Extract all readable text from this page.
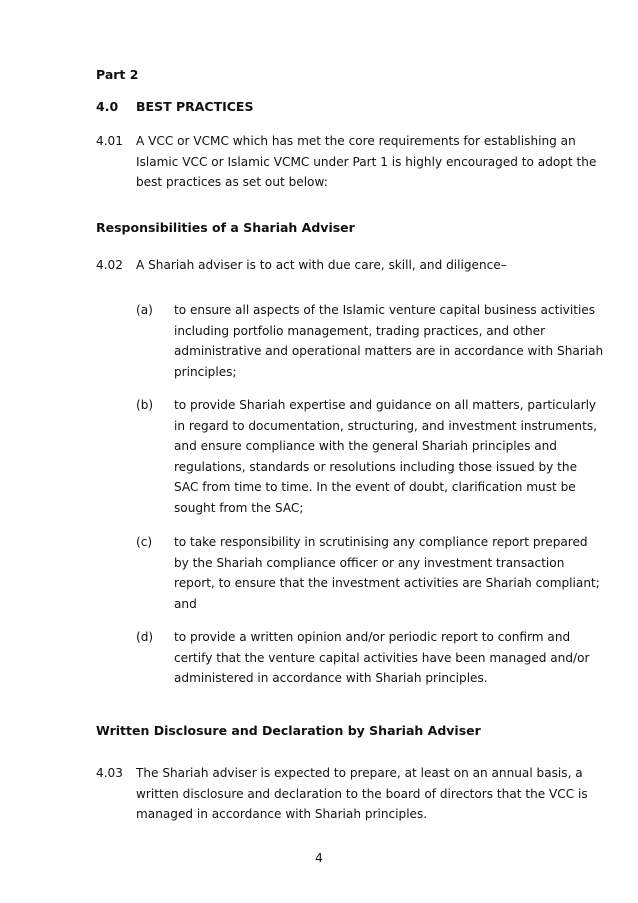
Part 2
4.0 BEST PRACTICES
4.01 A VCC or VCMC which has met the core requirements for establishing an
Islamic VCC or Islamic VCMC under Part 1 is highly encouraged to adopt the
best practices as set out below:
Responsibilities of a Shariah Adviser
4.02 A Shariah adviser is to act with due care, skill, and diligence–
(a) to ensure all aspects of the Islamic venture capital business activities
including portfolio management, trading practices, and other
administrative and operational matters are in accordance with Shariah
principles;
(b) to provide Shariah expertise and guidance on all matters, particularly
in regard to documentation, structuring, and investment instruments,
and ensure compliance with the general Shariah principles and
regulations, standards or resolutions including those issued by the
SAC from time to time. In the event of doubt, clarification must be
sought from the SAC;
(c) to take responsibility in scrutinising any compliance report prepared
by the Shariah compliance officer or any investment transaction
report, to ensure that the investment activities are Shariah compliant;
and
(d) to provide a written opinion and/or periodic report to confirm and
certify that the venture capital activities have been managed and/or
administered in accordance with Shariah principles.
Written Disclosure and Declaration by Shariah Adviser
4.03 The Shariah adviser is expected to prepare, at least on an annual basis, a
written disclosure and declaration to the board of directors that the VCC is
managed in accordance with Shariah principles.
4
